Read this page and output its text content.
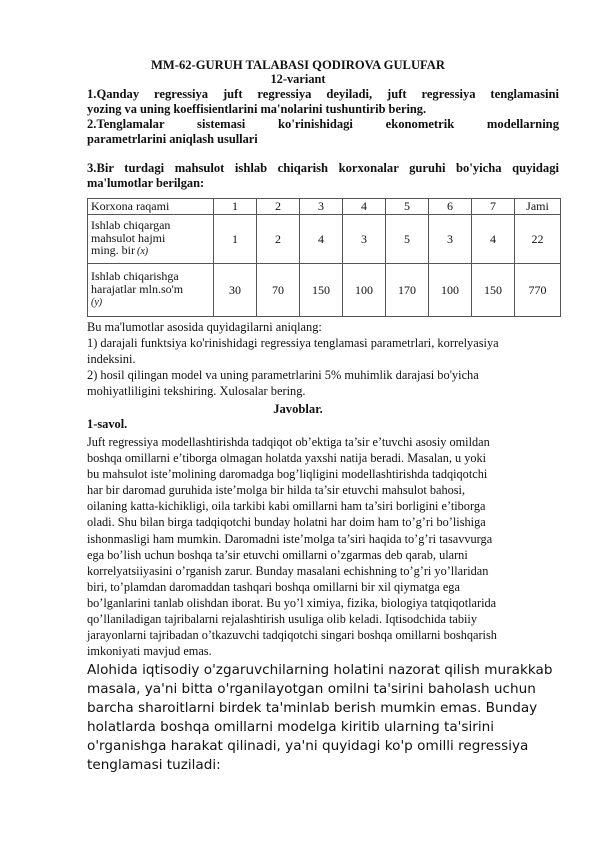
MM-62-GURUH TALABASI QODIROVA GULUFAR
12-variant
1.Qanday regressiya juft regressiya deyiladi, juft regressiya tenglamasini
yozing va uning koeffisientlarini ma'nolarini tushuntirib bering.
2.Tenglamalar sistemasi ko'rinishidagi ekonometrik modellarning
parametrlarini aniqlash usullari
3.Bir turdagi mahsulot ishlab chiqarish korxonalar guruhi bo'yicha quyidagi
ma'lumotlar berilgan:
Korxona raqami	1	2	3	4	5	6	7	Jami
Ishlab chiqargan
mahsulot hajmi
ming. bir (x)	1	2	4	3	5	3	4	22
Ishlab chiqarishga
harajatlar mln.so'm
(y)	30	70	150	100	170	100	150	770
Bu ma'lumotlar asosida quyidagilarni aniqlang:
1) darajali funktsiya ko'rinishidagi regressiya tenglamasi parametrlari, korrelyasiya
indeksini.
2) hosil qilingan model va uning parametrlarini 5% muhimlik darajasi bo'yicha
mohiyatliligini tekshiring. Xulosalar bering.
Javoblar.
1-savol.
Juft regressiya modellashtirishda tadqiqot ob’ektiga ta’sir e’tuvchi asosiy omildan
boshqa omillarni e’tiborga olmagan holatda yaxshi natija beradi. Masalan, u yoki
bu mahsulot iste’molining daromadga bog’liqligini modellashtirishda tadqiqotchi
har bir daromad guruhida iste’molga bir hilda ta’sir etuvchi mahsulot bahosi,
oilaning katta-kichikligi, oila tarkibi kabi omillarni ham ta’siri borligini e’tiborga
oladi. Shu bilan birga tadqiqotchi bunday holatni har doim ham to’g’ri bo’lishiga
ishonmasligi ham mumkin. Daromadni iste’molga ta’siri haqida to’g’ri tasavvurga
ega bo’lish uchun boshqa ta’sir etuvchi omillarni o’zgarmas deb qarab, ularni
korrelyatsiiyasini o’rganish zarur. Bunday masalani echishning to’g’ri yo’llaridan
biri, to’plamdan daromaddan tashqari boshqa omillarni bir xil qiymatga ega
bo’lganlarini tanlab olishdan iborat. Bu yo’l ximiya, fizika, biologiya tatqiqotlarida
qo’llaniladigan tajribalarni rejalashtirish usuliga olib keladi. Iqtisodchida tabiiy
jarayonlarni tajribadan o’tkazuvchi tadqiqotchi singari boshqa omillarni boshqarish
imkoniyati mavjud emas.
Alohida iqtisodiy o'zgaruvchilarning holatini nazorat qilish murakkab
masala, ya'ni bitta o'rganilayotgan omilni ta'sirini baholash uchun
barcha sharoitlarni birdek ta'minlab berish mumkin emas. Bunday
holatlarda boshqa omillarni modelga kiritib ularning ta'sirini
o'rganishga harakat qilinadi, ya'ni quyidagi ko'p omilli regressiya
tenglamasi tuziladi:
